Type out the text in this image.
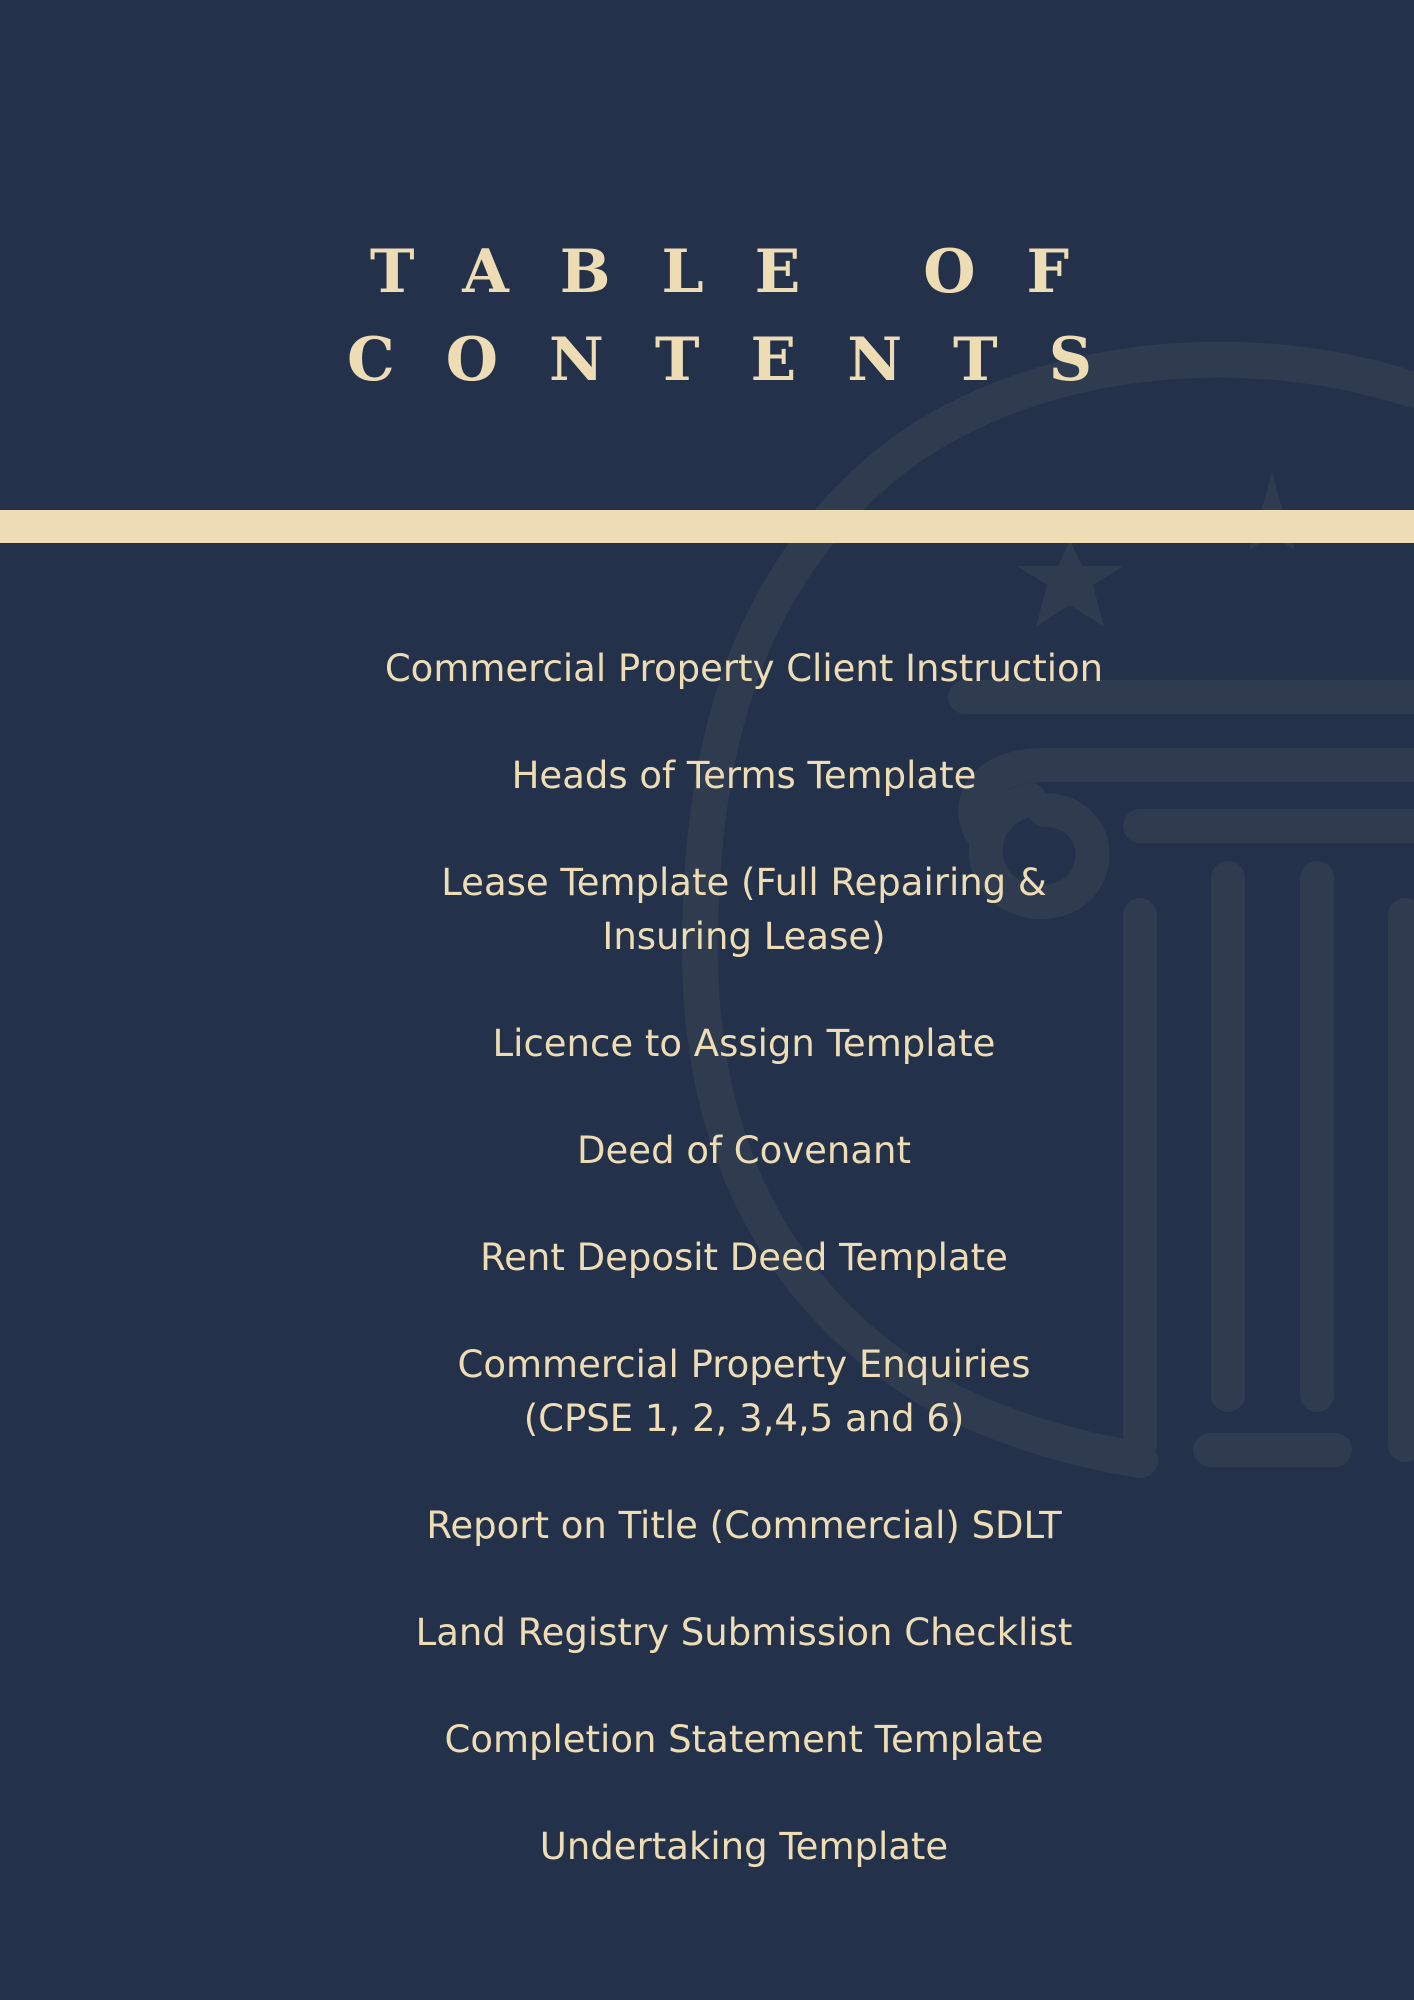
TABLE OF
CONTENTS
Commercial Property Client Instruction
Heads of Terms Template
Lease Template (Full Repairing &
Insuring Lease)
Licence to Assign Template
Deed of Covenant
Rent Deposit Deed Template
Commercial Property Enquiries
(CPSE 1, 2, 3,4,5 and 6)
Report on Title (Commercial) SDLT
Land Registry Submission Checklist
Completion Statement Template
Undertaking Template
